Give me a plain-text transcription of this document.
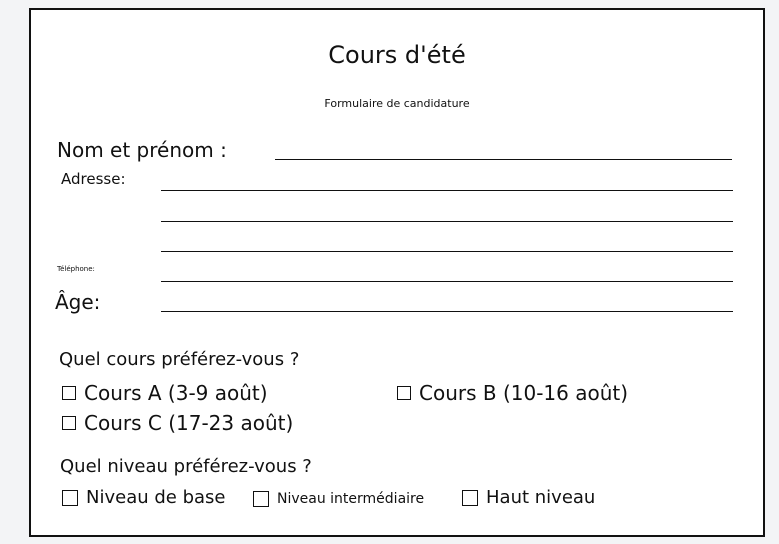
Cours d'été
Formulaire de candidature
Nom et prénom :
Adresse:
Téléphone:
Âge:
Quel cours préférez-vous ?
Cours A (3-9 août)	Cours B (10-16 août)
Cours C (17-23 août)
Quel niveau préférez-vous ?
Niveau de base	Niveau intermédiaire	Haut niveau
